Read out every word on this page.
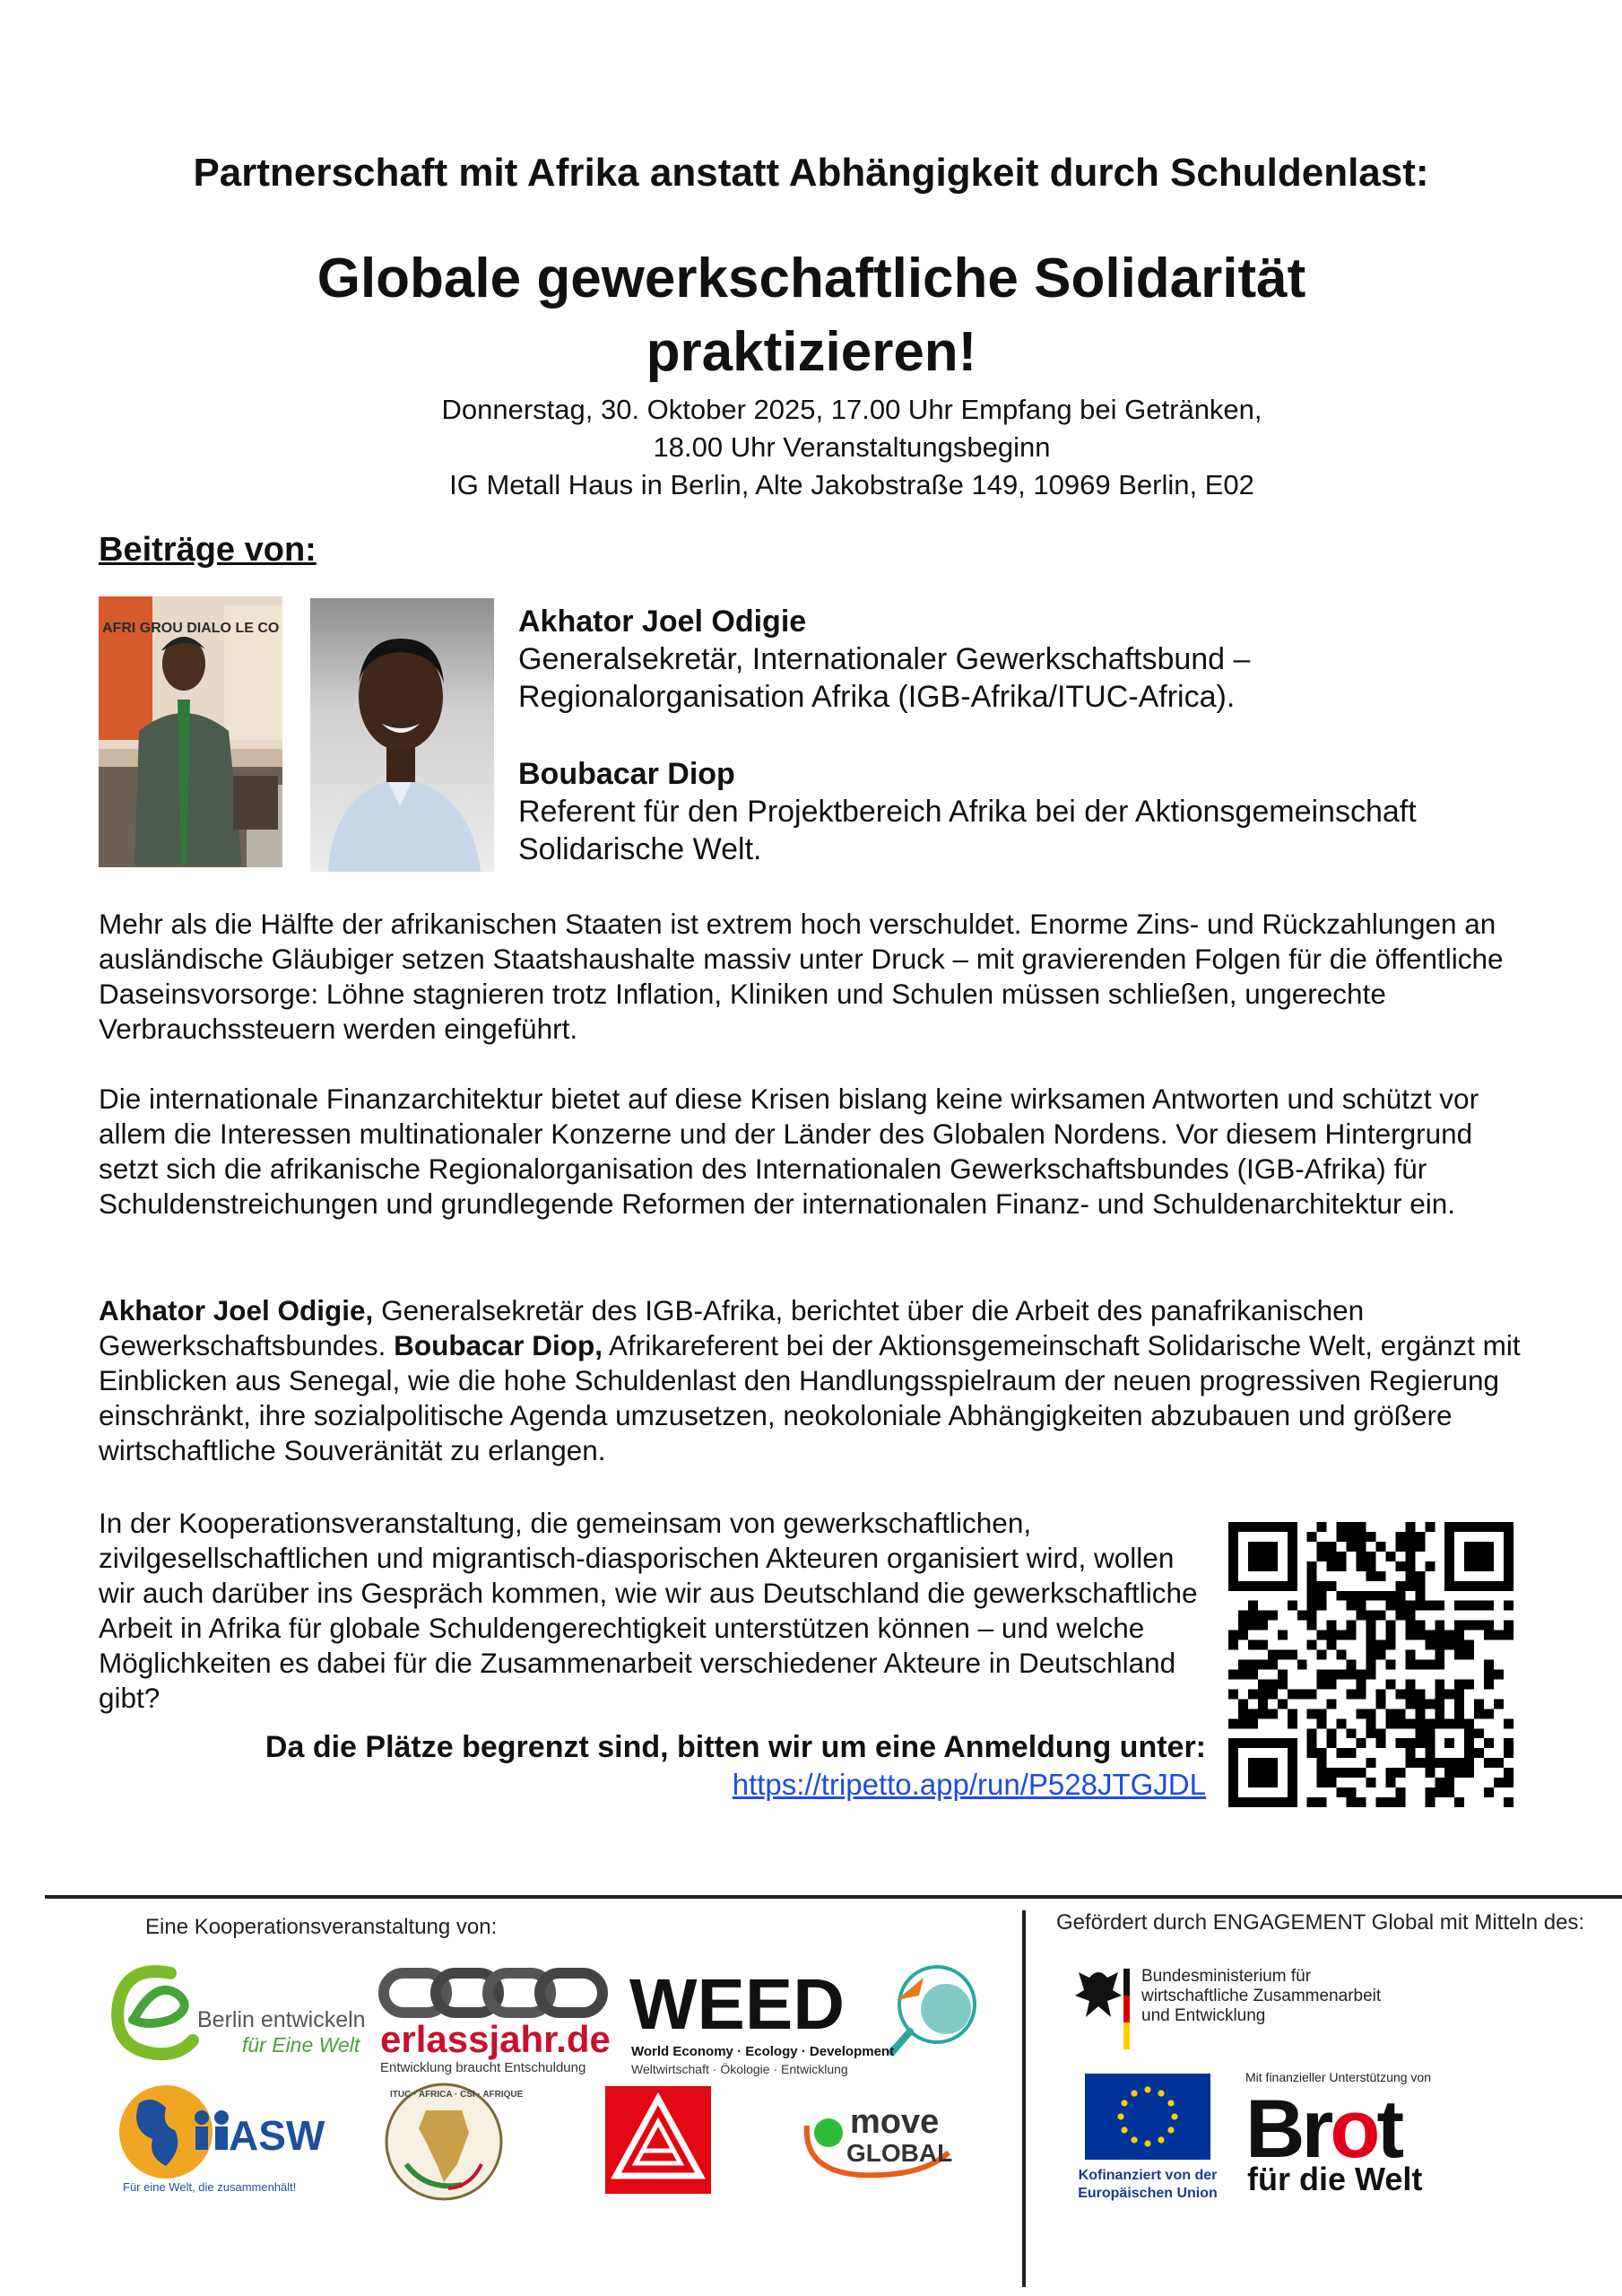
Partnerschaft mit Afrika anstatt Abhängigkeit durch Schuldenlast:
Globale gewerkschaftliche Solidarität
praktizieren!
Donnerstag, 30. Oktober 2025, 17.00 Uhr Empfang bei Getränken,
18.00 Uhr Veranstaltungsbeginn
IG Metall Haus in Berlin, Alte Jakobstraße 149, 10969 Berlin, E02
Beiträge von:
AFRI GROU DIALO LE CO	Akhator Joel Odigie
Generalsekretär, Internationaler Gewerkschaftsbund –
Regionalorganisation Afrika (IGB-Afrika/ITUC-Africa).
Boubacar Diop
Referent für den Projektbereich Afrika bei der Aktionsgemeinschaft
Solidarische Welt.
Mehr als die Hälfte der afrikanischen Staaten ist extrem hoch verschuldet. Enorme Zins- und Rückzahlungen an ausländische Gläubiger setzen Staatshaushalte massiv unter Druck – mit gravierenden Folgen für die öffentliche Daseinsvorsorge: Löhne stagnieren trotz Inflation, Kliniken und Schulen müssen schließen, ungerechte Verbrauchssteuern werden eingeführt.
Die internationale Finanzarchitektur bietet auf diese Krisen bislang keine wirksamen Antworten und schützt vor allem die Interessen multinationaler Konzerne und der Länder des Globalen Nordens. Vor diesem Hintergrund setzt sich die afrikanische Regionalorganisation des Internationalen Gewerkschaftsbundes (IGB-Afrika) für Schuldenstreichungen und grundlegende Reformen der internationalen Finanz- und Schuldenarchitektur ein.
Akhator Joel Odigie, Generalsekretär des IGB-Afrika, berichtet über die Arbeit des panafrikanischen Gewerkschaftsbundes. Boubacar Diop, Afrikareferent bei der Aktionsgemeinschaft Solidarische Welt, ergänzt mit Einblicken aus Senegal, wie die hohe Schuldenlast den Handlungsspielraum der neuen progressiven Regierung einschränkt, ihre sozialpolitische Agenda umzusetzen, neokoloniale Abhängigkeiten abzubauen und größere wirtschaftliche Souveränität zu erlangen.
In der Kooperationsveranstaltung, die gemeinsam von gewerkschaftlichen, zivilgesellschaftlichen und migrantisch-diasporischen Akteuren organisiert wird, wollen wir auch darüber ins Gespräch kommen, wie wir aus Deutschland die gewerkschaftliche Arbeit in Afrika für globale Schuldengerechtigkeit unterstützen können – und welche Möglichkeiten es dabei für die Zusammenarbeit verschiedener Akteure in Deutschland gibt?
Da die Plätze begrenzt sind, bitten wir um eine Anmeldung unter:
https://tripetto.app/run/P528JTGJDL
Eine Kooperationsveranstaltung von:	Gefördert durch ENGAGEMENT Global mit Mitteln des:
Berlin entwickeln
für Eine Welt erlassjahr.de
Entwicklung braucht Entschuldung
WEED
World Economy · Ecology · Development
Weltwirtschaft · Ökologie · Entwicklung
ASW
Für eine Welt, die zusammenhält!
ITUC · AFRICA · CSI · AFRIQUE
move
GLOBAL
Bundesministerium für
wirtschaftliche Zusammenarbeit
und Entwicklung
Kofinanziert von der
Europäischen Union
Mit finanzieller Unterstützung von
Brot
für die Welt
